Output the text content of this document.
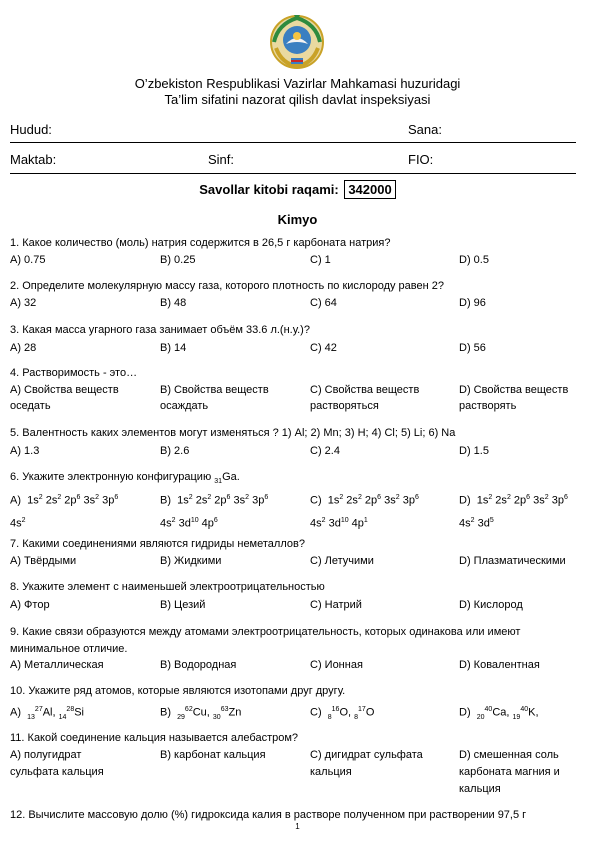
O’zbekiston Respublikasi Vazirlar Mahkamasi huzuridagi
Ta’lim sifatini nazorat qilish davlat inspeksiyasi
Hudud:	Sana:
Maktab:	Sinf:	FIO:
Savollar kitobi raqami: 342000
Kimyo
1. Какое количество (моль) натрия содержится в 26,5 г карбоната натрия?
A) 0.75	B) 0.25	C) 1	D) 0.5
2. Определите молекулярную массу газа, которого плотность по кислороду равен 2?
A) 32	B) 48	C) 64	D) 96
3. Какая масса угарного газа занимает объём 33.6 л.(н.у.)?
A) 28	B) 14	C) 42	D) 56
4. Растворимость - это…
A) Свойства веществ оседать
B) Свойства веществ осаждать
C) Свойства веществ растворяться
D) Свойства веществ растворять
5. Валентность каких элементов могут изменяться ? 1) Al; 2) Mn; 3) H; 4) Cl; 5) Li; 6) Na
A) 1.3	B) 2.6	C) 2.4	D) 1.5
6. Укажите электронную конфигурацию $_{31}$Ga.
A)  $1s^2$ $2s^2$ $2p^6$ $3s^2$ $3p^6$
$4s^2$
B)  $1s^2$ $2s^2$ $2p^6$ $3s^2$ $3p^6$
$4s^2$ $3d^{10}$ $4p^6$
C)  $1s^2$ $2s^2$ $2p^6$ $3s^2$ $3p^6$
$4s^2$ $3d^{10}$ $4p^1$
D)  $1s^2$ $2s^2$ $2p^6$ $3s^2$ $3p^6$
$4s^2$ $3d^5$
7. Какими соединениями являются гидриды неметаллов?
A) Твёрдыми	B) Жидкими	C) Летучими	D) Плазматическими
8. Укажите элемент с наименьшей электроотрицательностью
A) Фтор	B) Цезий	C) Натрий	D) Кислород
9. Какие связи образуются между атомами электроотрицательность, которых одинакова или имеют минимальное отличие.
A) Металлическая	B) Водородная	C) Ионная	D) Ковалентная
10. Укажите ряд атомов, которые являются изотопами друг другу.
A) $_{13}^{27}$Al, $_{14}^{28}$Si	B) $_{29}^{62}$Cu, $_{30}^{63}$Zn	C) $_8^{16}$O, $_8^{17}$O	D) $_{20}^{40}$Ca, $_{19}^{40}$K,
11. Какой соединение кальция называется алебастром?
A) полугидрат сульфата кальция
B) карбонат кальция	C) дигидрат сульфата кальция
D) смешенная соль карбоната магния и кальция
12. Вычислите массовую долю (%) гидроксида калия в растворе полученном при растворении 97,5 г
1
